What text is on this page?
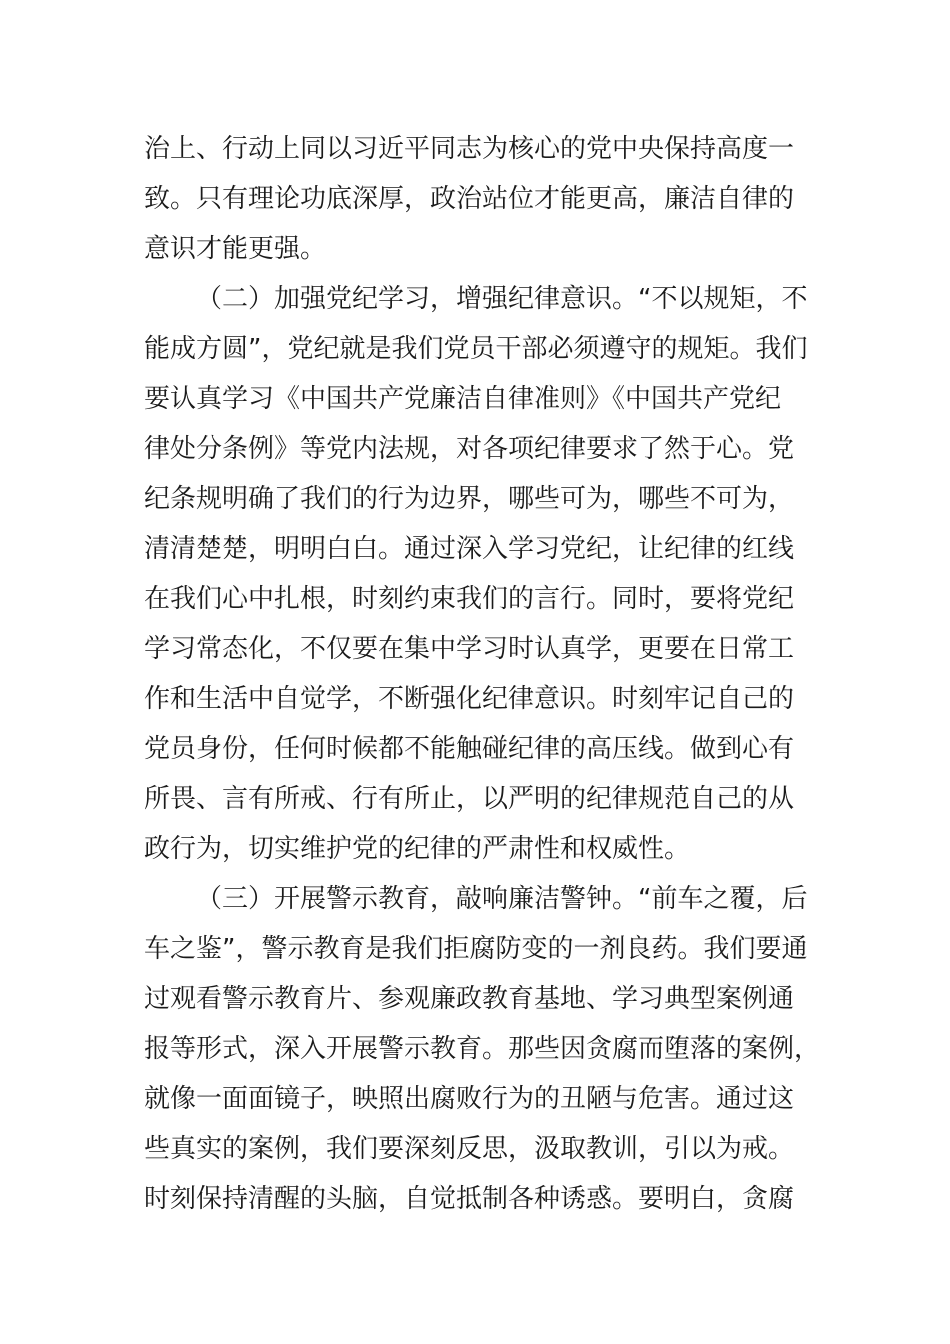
治上、行动上同以习近平同志为核心的党中央保持高度一
致。只有理论功底深厚，政治站位才能更高，廉洁自律的
意识才能更强。
（二）加强党纪学习，增强纪律意识。“不以规矩，不
能成方圆”，党纪就是我们党员干部必须遵守的规矩。我们
要认真学习《中国共产党廉洁自律准则》《中国共产党纪
律处分条例》等党内法规，对各项纪律要求了然于心。党
纪条规明确了我们的行为边界，哪些可为，哪些不可为，
清清楚楚，明明白白。通过深入学习党纪，让纪律的红线
在我们心中扎根，时刻约束我们的言行。同时，要将党纪
学习常态化，不仅要在集中学习时认真学，更要在日常工
作和生活中自觉学，不断强化纪律意识。时刻牢记自己的
党员身份，任何时候都不能触碰纪律的高压线。做到心有
所畏、言有所戒、行有所止，以严明的纪律规范自己的从
政行为，切实维护党的纪律的严肃性和权威性。
（三）开展警示教育，敲响廉洁警钟。“前车之覆，后
车之鉴”，警示教育是我们拒腐防变的一剂良药。我们要通
过观看警示教育片、参观廉政教育基地、学习典型案例通
报等形式，深入开展警示教育。那些因贪腐而堕落的案例，
就像一面面镜子，映照出腐败行为的丑陋与危害。通过这
些真实的案例，我们要深刻反思，汲取教训，引以为戒。
时刻保持清醒的头脑，自觉抵制各种诱惑。要明白，贪腐
